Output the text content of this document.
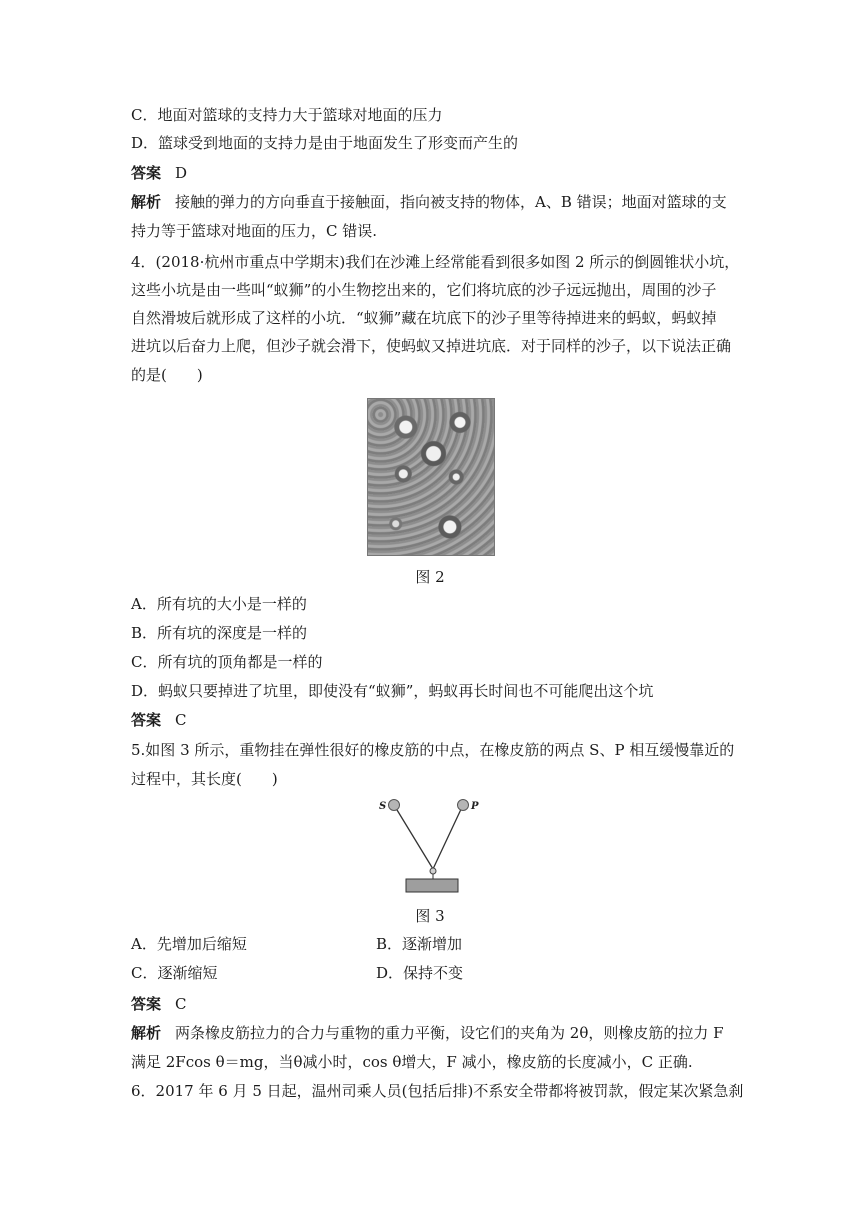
C．地面对篮球的支持力大于篮球对地面的压力
D．篮球受到地面的支持力是由于地面发生了形变而产生的
答案 D
解析 接触的弹力的方向垂直于接触面，指向被支持的物体，A、B 错误；地面对篮球的支
持力等于篮球对地面的压力，C 错误.
4．(2018·杭州市重点中学期末)我们在沙滩上经常能看到很多如图 2 所示的倒圆锥状小坑，
这些小坑是由一些叫“蚁狮”的小生物挖出来的，它们将坑底的沙子远远抛出，周围的沙子
自然滑坡后就形成了这样的小坑．“蚁狮”藏在坑底下的沙子里等待掉进来的蚂蚁，蚂蚁掉
进坑以后奋力上爬，但沙子就会滑下，使蚂蚁又掉进坑底．对于同样的沙子，以下说法正确
的是(　　)
图 2
A．所有坑的大小是一样的
B．所有坑的深度是一样的
C．所有坑的顶角都是一样的
D．蚂蚁只要掉进了坑里，即使没有“蚁狮”，蚂蚁再长时间也不可能爬出这个坑
答案 C
5.如图 3 所示，重物挂在弹性很好的橡皮筋的中点，在橡皮筋的两点 S、P 相互缓慢靠近的
过程中，其长度(　　)
S	P
图 3
A．先增加后缩短	B．逐渐增加
C．逐渐缩短	D．保持不变
答案 C
解析 两条橡皮筋拉力的合力与重物的重力平衡，设它们的夹角为 2θ，则橡皮筋的拉力 F
满足 2Fcos θ＝mg，当θ减小时，cos θ增大，F 减小，橡皮筋的长度减小，C 正确.
6．2017 年 6 月 5 日起，温州司乘人员(包括后排)不系安全带都将被罚款，假定某次紧急刹
